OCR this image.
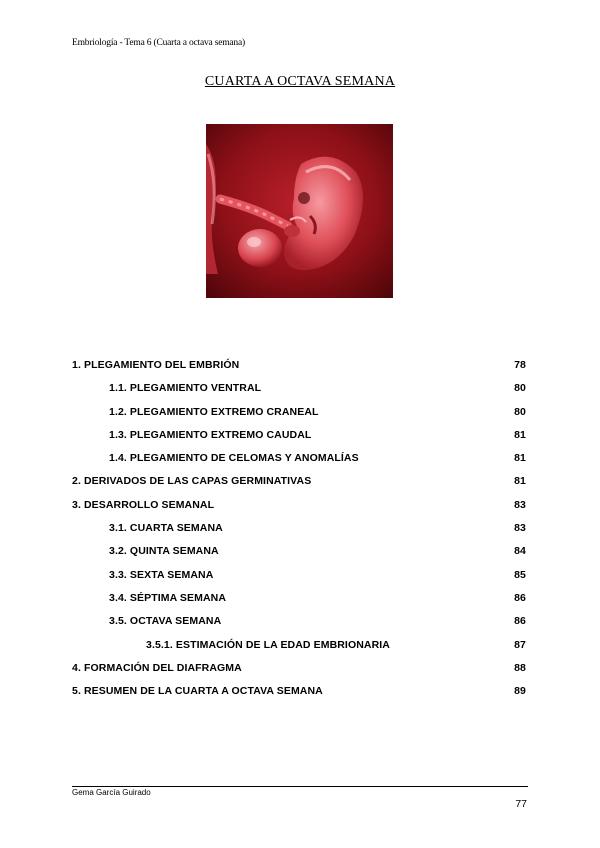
Embriología - Tema 6 (Cuarta a octava semana)
CUARTA A OCTAVA SEMANA
1. PLEGAMIENTO DEL EMBRIÓN	78
1.1. PLEGAMIENTO VENTRAL	80
1.2. PLEGAMIENTO EXTREMO CRANEAL	80
1.3. PLEGAMIENTO EXTREMO CAUDAL	81
1.4. PLEGAMIENTO DE CELOMAS Y ANOMALÍAS	81
2. DERIVADOS DE LAS CAPAS GERMINATIVAS	81
3. DESARROLLO SEMANAL	83
3.1. CUARTA SEMANA	83
3.2. QUINTA SEMANA	84
3.3. SEXTA SEMANA	85
3.4. SÉPTIMA SEMANA	86
3.5. OCTAVA SEMANA	86
3.5.1. ESTIMACIÓN DE LA EDAD EMBRIONARIA	87
4. FORMACIÓN DEL DIAFRAGMA	88
5. RESUMEN DE LA CUARTA A OCTAVA SEMANA	89
Gema García Guirado
77
